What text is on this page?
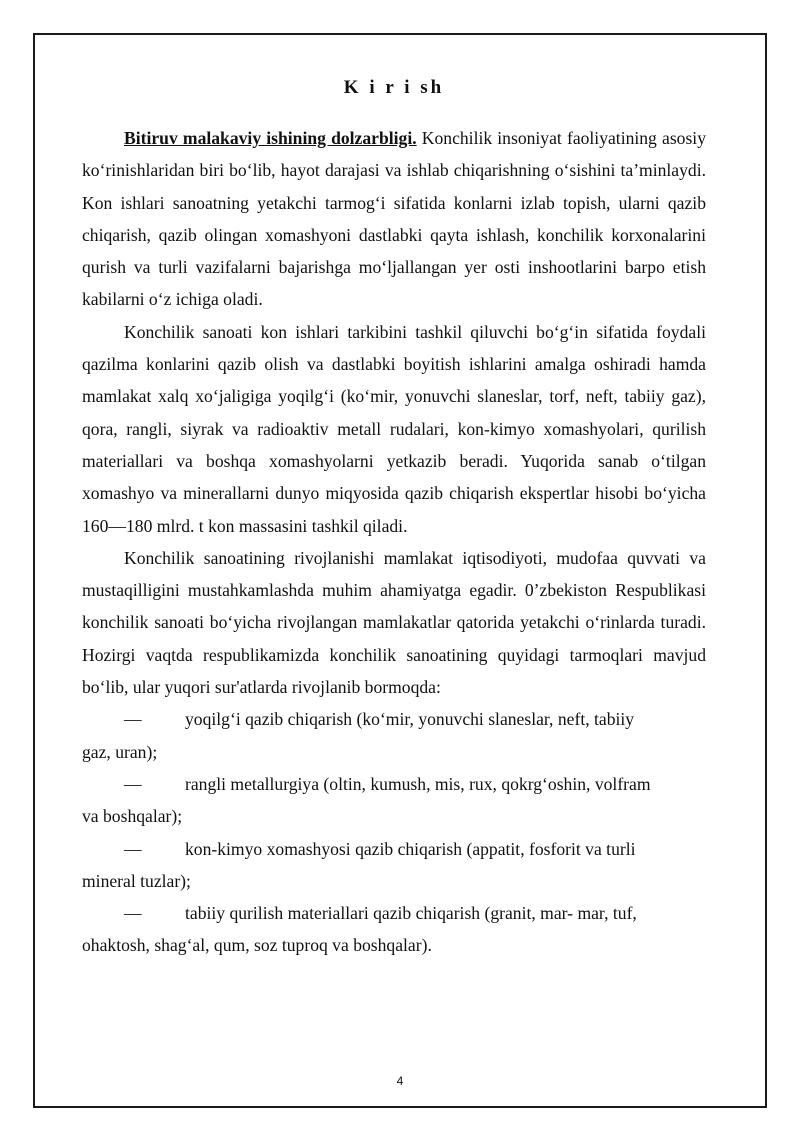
K i r i sh

Bitiruv malakaviy ishining dolzarbligi. Konchilik insoniyat faoliyatining asosiy ko‘rinishlaridan biri bo‘lib, hayot darajasi va ishlab chiqarishning o‘sishini ta’minlaydi. Kon ishlari sanoatning yetakchi tarmog‘i sifatida konlarni izlab topish, ularni qazib chiqarish, qazib olingan xomashyoni dastlabki qayta ishlash, konchilik korxonalarini qurish va turli vazifalarni bajarishga mo‘ljallangan yer osti inshootlarini barpo etish kabilarni o‘z ichiga oladi.

Konchilik sanoati kon ishlari tarkibini tashkil qiluvchi bo‘g‘in sifatida foydali qazilma konlarini qazib olish va dastlabki boyitish ishlarini amalga oshiradi hamda mamlakat xalq xo‘jaligiga yoqilg‘i (ko‘mir, yonuvchi slaneslar, torf, neft, tabiiy gaz), qora, rangli, siyrak va radioaktiv metall rudalari, kon-kimyo xomashyolari, qurilish materiallari va boshqa xomashyolarni yetkazib beradi. Yuqorida sanab o‘tilgan xomashyo va minerallarni dunyo miqyosida qazib chiqarish ekspertlar hisobi bo‘yicha 160—180 mlrd. t kon massasini tashkil qiladi.

Konchilik sanoatining rivojlanishi mamlakat iqtisodiyoti, mudofaa quvvati va mustaqilligini mustahkamlashda muhim ahamiyatga egadir. 0’zbekiston Respublikasi konchilik sanoati bo‘yicha rivojlangan mamlakatlar qatorida yetakchi o‘rinlarda turadi. Hozirgi vaqtda respublikamizda konchilik sanoatining quyidagi tarmoqlari mavjud bo‘lib, ular yuqori sur'atlarda rivojlanib bormoqda:

— yoqilg‘i qazib chiqarish (ko‘mir, yonuvchi slaneslar, neft, tabiiy
gaz, uran);

— rangli metallurgiya (oltin, kumush, mis, rux, qokrg‘oshin, volfram
va boshqalar);

— kon-kimyo xomashyosi qazib chiqarish (appatit, fosforit va turli
mineral tuzlar);

— tabiiy qurilish materiallari qazib chiqarish (granit, mar- mar, tuf,
ohaktosh, shag‘al, qum, soz tuproq va boshqalar).

4
